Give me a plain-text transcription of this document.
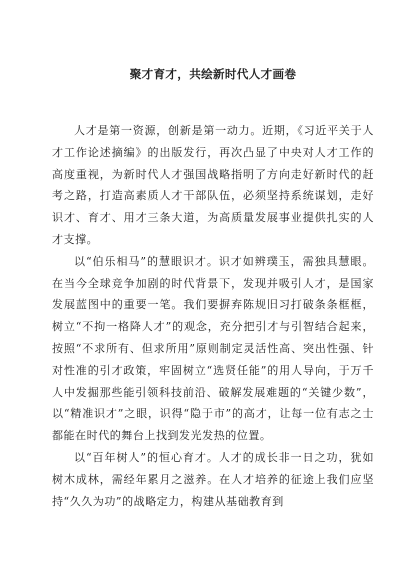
聚才育才，共绘新时代人才画卷

人才是第一资源，创新是第一动力。近期，《习近平关于人才工作论述摘编》的出版发行，再次凸显了中央对人才工作的高度重视，为新时代人才强国战略指明了方向走好新时代的赶考之路，打造高素质人才干部队伍，必须坚持系统谋划，走好识才、育才、用才三条大道，为高质量发展事业提供扎实的人才支撑。

以“伯乐相马”的慧眼识才。识才如辨璞玉，需独具慧眼。在当今全球竞争加剧的时代背景下，发现并吸引人才，是国家发展蓝图中的重要一笔。我们要摒弃陈规旧习打破条条框框，树立“不拘一格降人才”的观念，充分把引才与引智结合起来，按照“不求所有、但求所用”原则制定灵活性高、突出性强、针对性准的引才政策，牢固树立“选贤任能”的用人导向，于万千人中发掘那些能引领科技前沿、破解发展难题的“关键少数”，以“精准识才”之眼，识得“隐于市”的高才，让每一位有志之士都能在时代的舞台上找到发光发热的位置。

以“百年树人”的恒心育才。人才的成长非一日之功，犹如树木成林，需经年累月之滋养。在人才培养的征途上我们应坚持“久久为功”的战略定力，构建从基础教育到
